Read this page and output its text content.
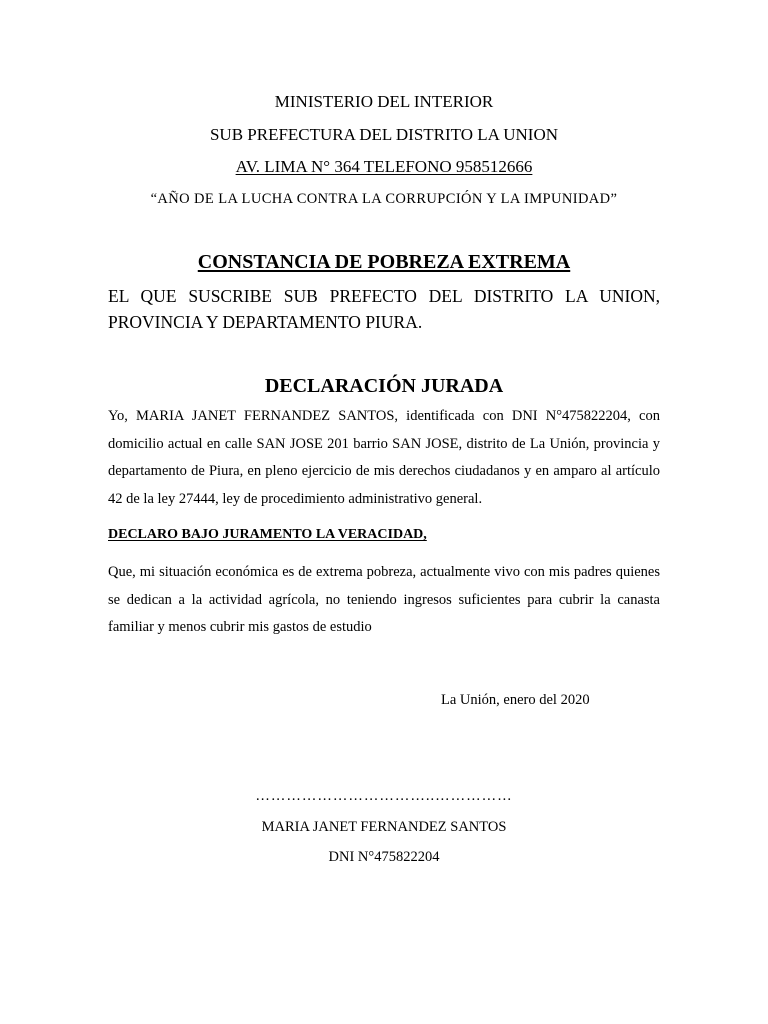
MINISTERIO DEL INTERIOR
SUB PREFECTURA DEL DISTRITO LA UNION
AV. LIMA N° 364 TELEFONO 958512666
“AÑO DE LA LUCHA CONTRA LA CORRUPCIÓN Y LA IMPUNIDAD”
CONSTANCIA DE POBREZA EXTREMA
EL QUE SUSCRIBE SUB PREFECTO DEL DISTRITO LA UNION,
PROVINCIA Y DEPARTAMENTO PIURA.
DECLARACIÓN JURADA
Yo, MARIA JANET FERNANDEZ SANTOS, identificada con DNI N°475822204, con domicilio actual en calle SAN JOSE 201 barrio SAN JOSE, distrito de La Unión, provincia y departamento de Piura, en pleno ejercicio de mis derechos ciudadanos y en amparo al artículo 42 de la ley 27444, ley de procedimiento administrativo general.
DECLARO BAJO JURAMENTO LA VERACIDAD,
Que, mi situación económica es de extrema pobreza, actualmente vivo con mis padres quienes se dedican a la actividad agrícola, no teniendo ingresos suficientes para cubrir la canasta familiar y menos cubrir mis gastos de estudio
La Unión, enero del 2020
……………………………..……………
MARIA JANET FERNANDEZ SANTOS
DNI N°475822204
